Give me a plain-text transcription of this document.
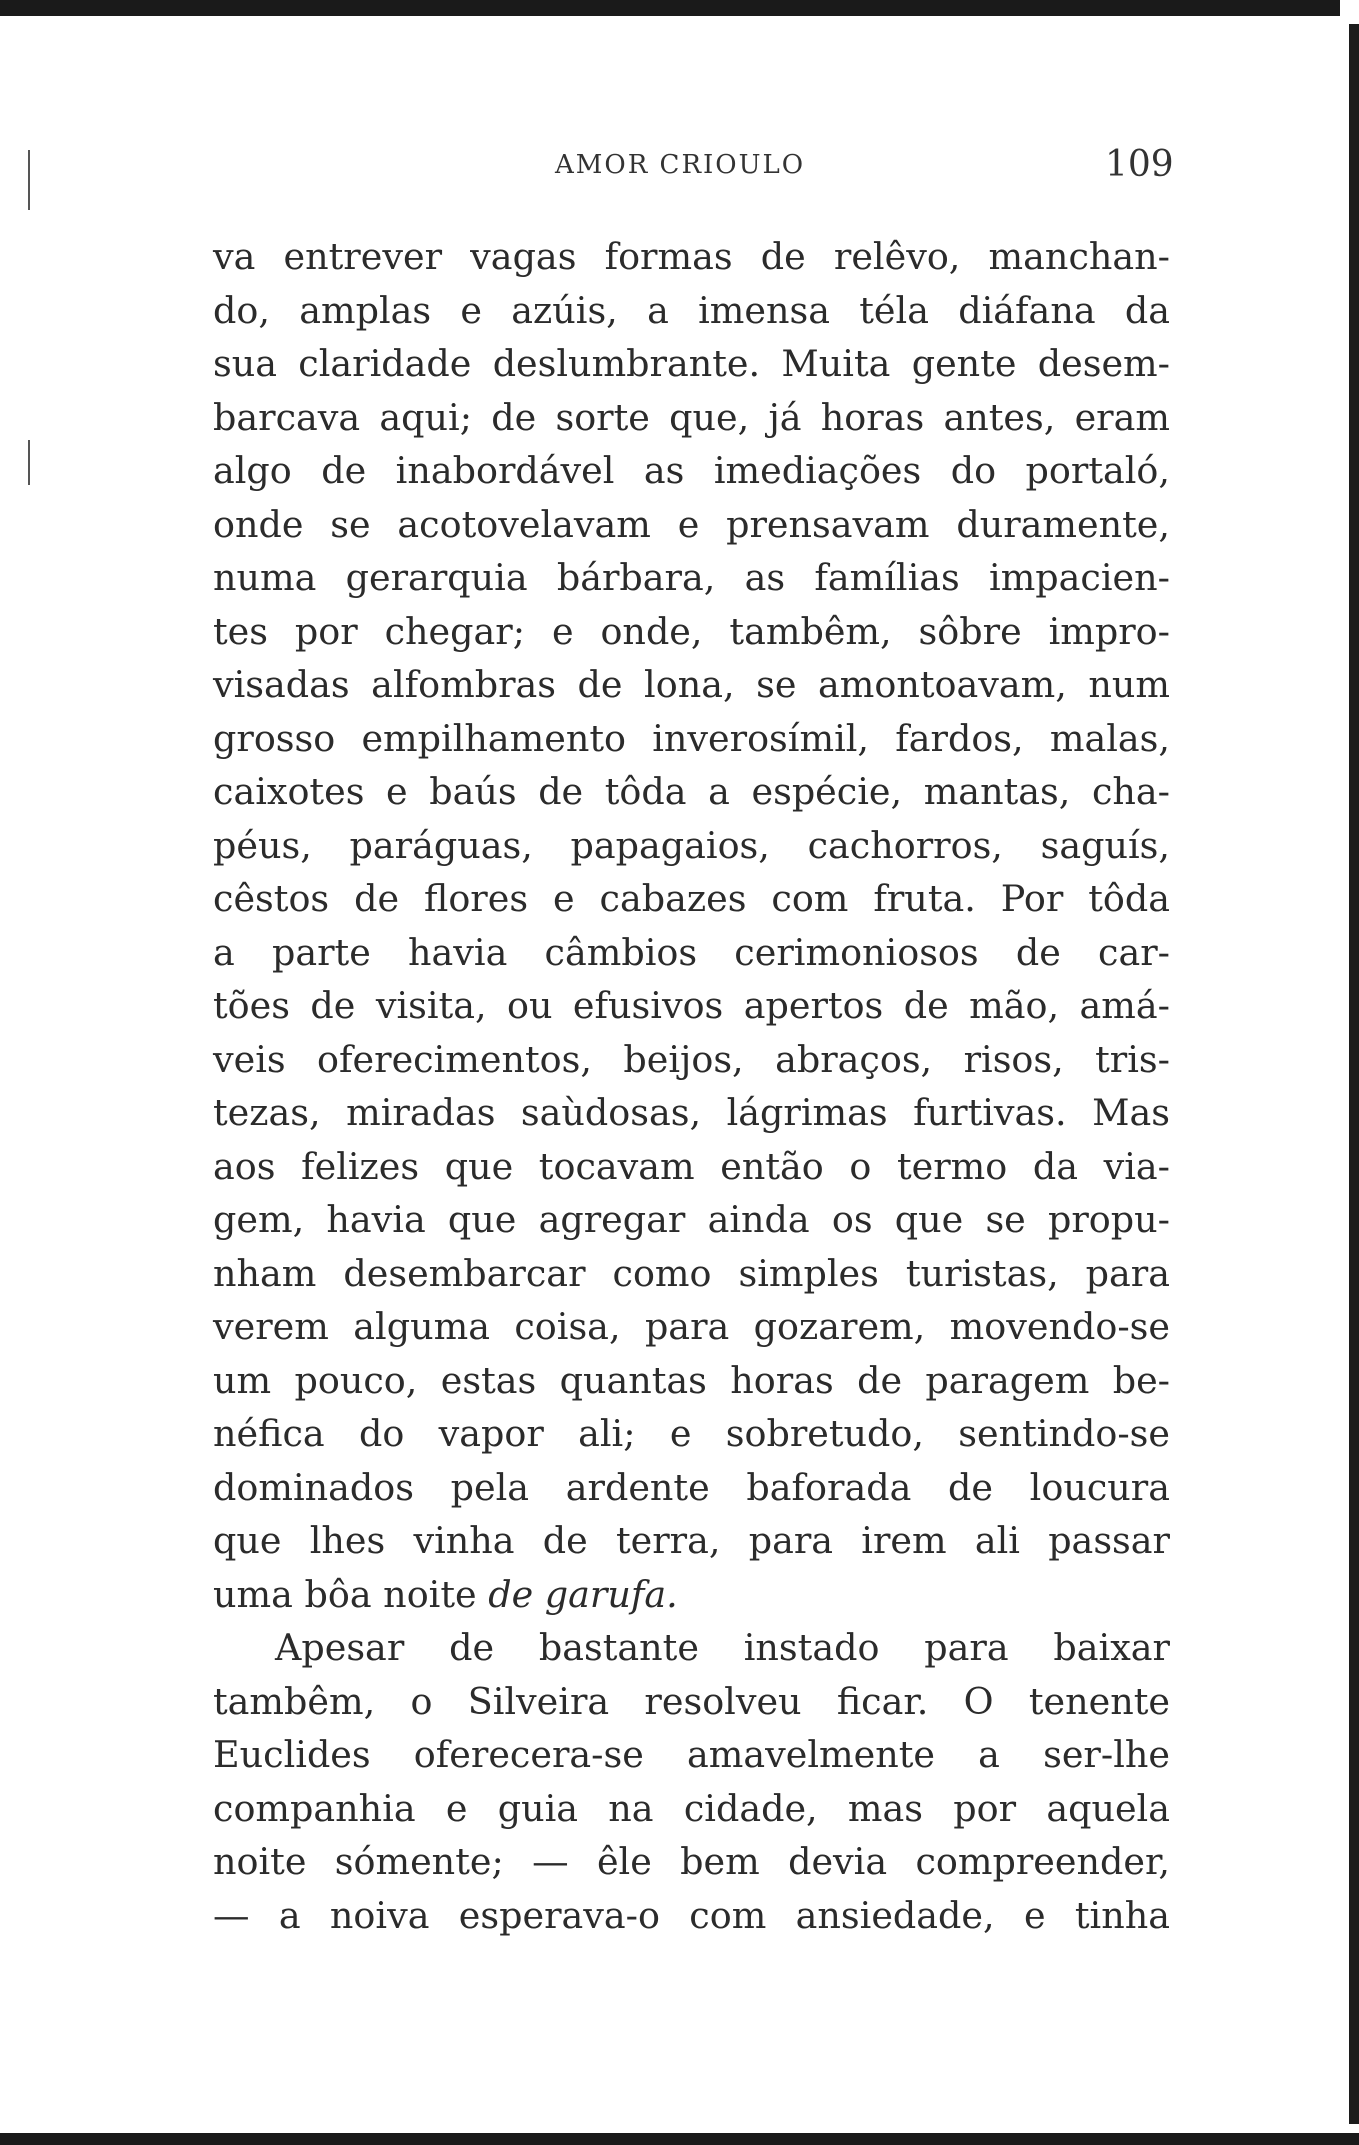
AMOR CRIOULO	109

va entrever vagas formas de relêvo, manchan-
do, amplas e azúis, a imensa téla diáfana da
sua claridade deslumbrante. Muita gente desem-
barcava aqui; de sorte que, já horas antes, eram
algo de inabordável as imediações do portaló,
onde se acotovelavam e prensavam duramente,
numa gerarquia bárbara, as famílias impacien-
tes por chegar; e onde, tambêm, sôbre impro-
visadas alfombras de lona, se amontoavam, num
grosso empilhamento inverosímil, fardos, malas,
caixotes e baús de tôda a espécie, mantas, cha-
péus, paráguas, papagaios, cachorros, saguís,
cêstos de flores e cabazes com fruta. Por tôda
a parte havia câmbios cerimoniosos de car-
tões de visita, ou efusivos apertos de mão, amá-
veis oferecimentos, beijos, abraços, risos, tris-
tezas, miradas saùdosas, lágrimas furtivas. Mas
aos felizes que tocavam então o termo da via-
gem, havia que agregar ainda os que se propu-
nham desembarcar como simples turistas, para
verem alguma coisa, para gozarem, movendo-se
um pouco, estas quantas horas de paragem be-
néfica do vapor ali; e sobretudo, sentindo-se
dominados pela ardente baforada de loucura
que lhes vinha de terra, para irem ali passar
uma bôa noite de garufa.

Apesar de bastante instado para baixar
tambêm, o Silveira resolveu ficar. O tenente
Euclides oferecera-se amavelmente a ser-lhe
companhia e guia na cidade, mas por aquela
noite sómente; — êle bem devia compreender,
— a noiva esperava-o com ansiedade, e tinha
